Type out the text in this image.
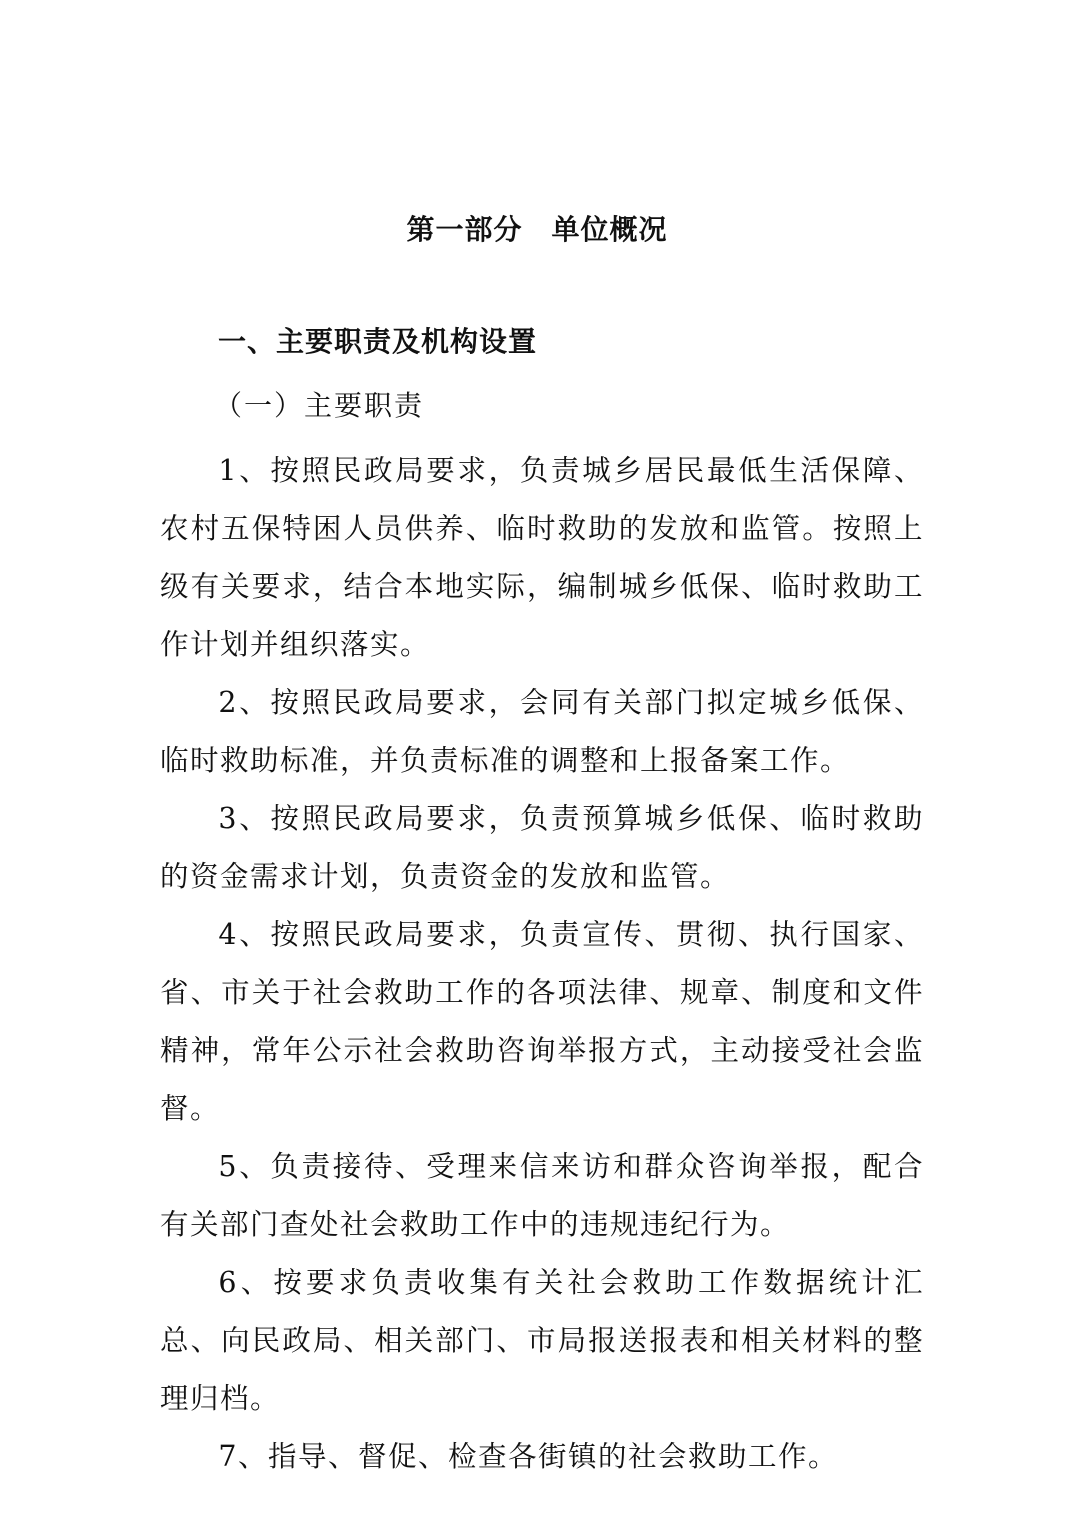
第一部分　单位概况
一、主要职责及机构设置
（一）主要职责

1、按照民政局要求，负责城乡居民最低生活保障、农村五保特困人员供养、临时救助的发放和监管。按照上级有关要求，结合本地实际，编制城乡低保、临时救助工作计划并组织落实。

2、按照民政局要求，会同有关部门拟定城乡低保、临时救助标准，并负责标准的调整和上报备案工作。

3、按照民政局要求，负责预算城乡低保、临时救助的资金需求计划，负责资金的发放和监管。

4、按照民政局要求，负责宣传、贯彻、执行国家、省、市关于社会救助工作的各项法律、规章、制度和文件精神，常年公示社会救助咨询举报方式，主动接受社会监督。

5、负责接待、受理来信来访和群众咨询举报，配合有关部门查处社会救助工作中的违规违纪行为。

6、按要求负责收集有关社会救助工作数据统计汇总、向民政局、相关部门、市局报送报表和相关材料的整理归档。

7、指导、督促、检查各街镇的社会救助工作。
